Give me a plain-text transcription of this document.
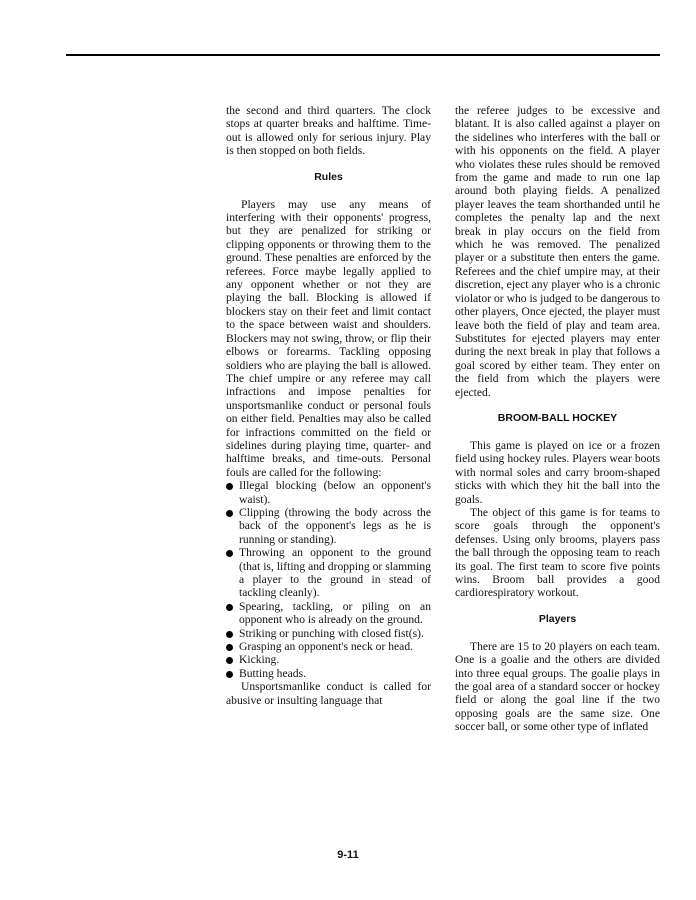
the second and third quarters. The clock stops at quarter breaks and halftime. Time-out is allowed only for serious injury. Play is then stopped on both fields.

Rules

Players may use any means of interfering with their opponents' progress, but they are penalized for striking or clipping opponents or throwing them to the ground. These penalties are enforced by the referees. Force maybe legally applied to any opponent whether or not they are playing the ball. Blocking is allowed if blockers stay on their feet and limit contact to the space between waist and shoulders. Blockers may not swing, throw, or flip their elbows or forearms. Tackling opposing soldiers who are playing the ball is allowed. The chief umpire or any referee may call infractions and impose penalties for unsportsmanlike conduct or personal fouls on either field. Penalties may also be called for infractions committed on the field or sidelines during playing time, quarter- and halftime breaks, and time-outs. Personal fouls are called for the following:

Illegal blocking (below an opponent's waist).
Clipping (throwing the body across the back of the opponent's legs as he is running or standing).
Throwing an opponent to the ground (that is, lifting and dropping or slamming a player to the ground in stead of tackling cleanly).
Spearing, tackling, or piling on an opponent who is already on the ground.
Striking or punching with closed fist(s).
Grasping an opponent's neck or head.
Kicking.
Butting heads.

Unsportsmanlike conduct is called for abusive or insulting language that

the referee judges to be excessive and blatant. It is also called against a player on the sidelines who interferes with the ball or with his opponents on the field. A player who violates these rules should be removed from the game and made to run one lap around both playing fields. A penalized player leaves the team shorthanded until he completes the penalty lap and the next break in play occurs on the field from which he was removed. The penalized player or a substitute then enters the game. Referees and the chief umpire may, at their discretion, eject any player who is a chronic violator or who is judged to be dangerous to other players, Once ejected, the player must leave both the field of play and team area. Substitutes for ejected players may enter during the next break in play that follows a goal scored by either team. They enter on the field from which the players were ejected.

BROOM-BALL HOCKEY

This game is played on ice or a frozen field using hockey rules. Players wear boots with normal soles and carry broom-shaped sticks with which they hit the ball into the goals.

The object of this game is for teams to score goals through the opponent's defenses. Using only brooms, players pass the ball through the opposing team to reach its goal. The first team to score five points wins. Broom ball provides a good cardiorespiratory workout.

Players

There are 15 to 20 players on each team. One is a goalie and the others are divided into three equal groups. The goalie plays in the goal area of a standard soccer or hockey field or along the goal line if the two opposing goals are the same size. One soccer ball, or some other type of inflated

9-11
